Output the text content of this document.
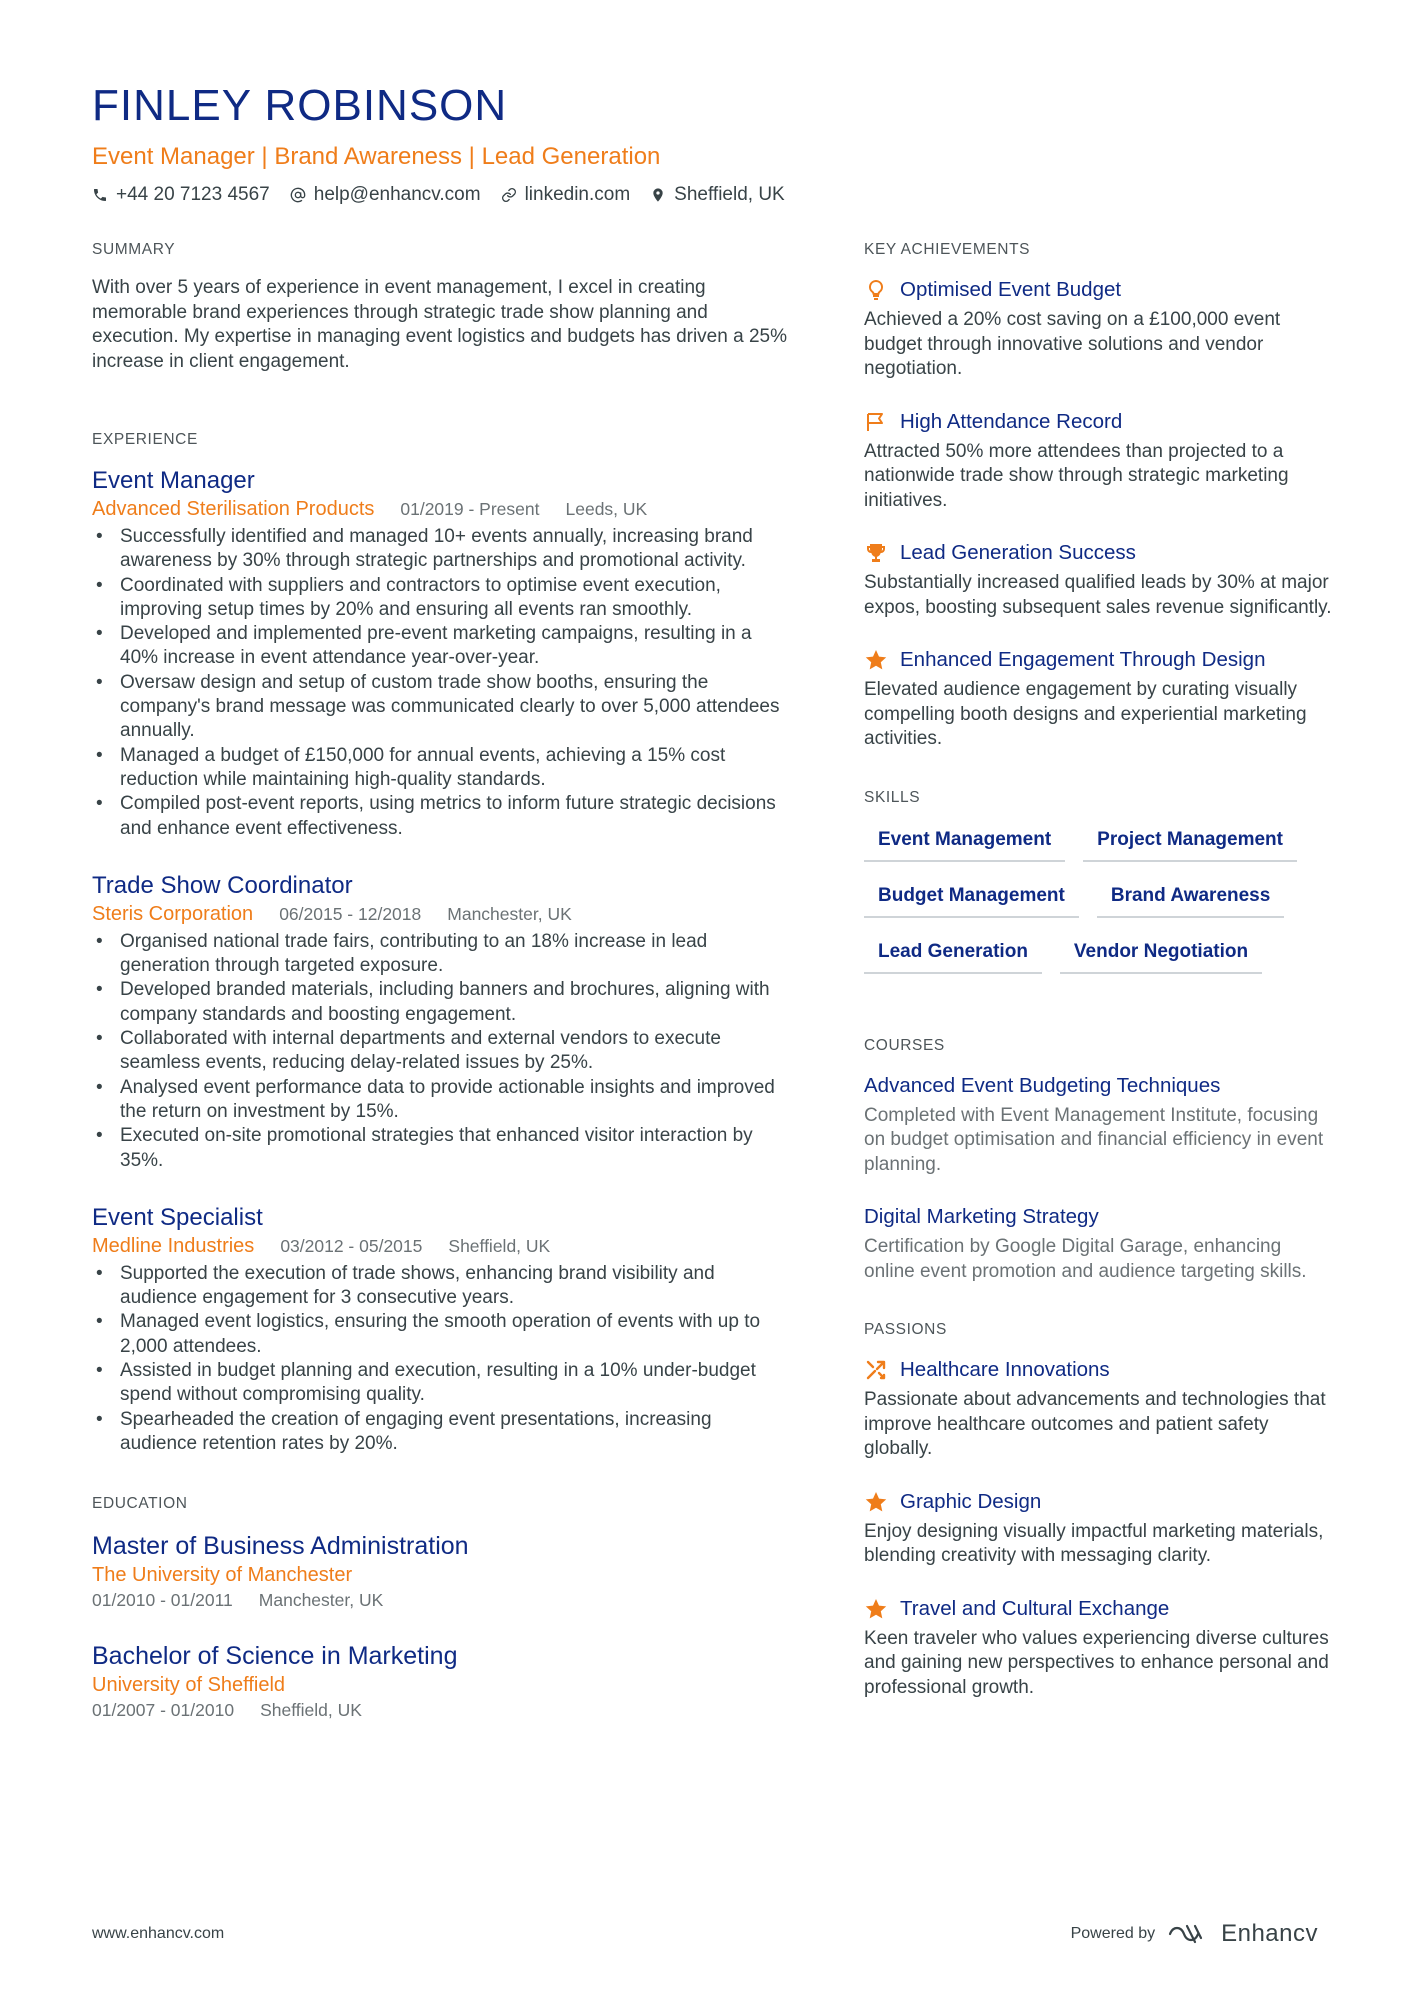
FINLEY ROBINSON
Event Manager | Brand Awareness | Lead Generation
+44 20 7123 4567 help@enhancv.com linkedin.com Sheffield, UK
SUMMARY

With over 5 years of experience in event management, I excel in creating memorable brand experiences through strategic trade show planning and execution. My expertise in managing event logistics and budgets has driven a 25% increase in client engagement.

EXPERIENCE
Event Manager
Advanced Sterilisation Products 01/2019 - Present Leeds, UK
• Successfully identified and managed 10+ events annually, increasing brand awareness by 30% through strategic partnerships and promotional activity.
• Coordinated with suppliers and contractors to optimise event execution, improving setup times by 20% and ensuring all events ran smoothly.
• Developed and implemented pre-event marketing campaigns, resulting in a 40% increase in event attendance year-over-year.
• Oversaw design and setup of custom trade show booths, ensuring the company's brand message was communicated clearly to over 5,000 attendees annually.
• Managed a budget of £150,000 for annual events, achieving a 15% cost reduction while maintaining high-quality standards.
• Compiled post-event reports, using metrics to inform future strategic decisions and enhance event effectiveness.
Trade Show Coordinator
Steris Corporation 06/2015 - 12/2018 Manchester, UK
• Organised national trade fairs, contributing to an 18% increase in lead generation through targeted exposure.
• Developed branded materials, including banners and brochures, aligning with company standards and boosting engagement.
• Collaborated with internal departments and external vendors to execute seamless events, reducing delay-related issues by 25%.
• Analysed event performance data to provide actionable insights and improved the return on investment by 15%.
• Executed on-site promotional strategies that enhanced visitor interaction by 35%.
Event Specialist
Medline Industries 03/2012 - 05/2015 Sheffield, UK
• Supported the execution of trade shows, enhancing brand visibility and audience engagement for 3 consecutive years.
• Managed event logistics, ensuring the smooth operation of events with up to 2,000 attendees.
• Assisted in budget planning and execution, resulting in a 10% under-budget spend without compromising quality.
• Spearheaded the creation of engaging event presentations, increasing audience retention rates by 20%.
EDUCATION
Master of Business Administration
The University of Manchester
01/2010 - 01/2011 Manchester, UK
Bachelor of Science in Marketing
University of Sheffield
01/2007 - 01/2010 Sheffield, UK
KEY ACHIEVEMENTS
Optimised Event Budget
Achieved a 20% cost saving on a £100,000 event budget through innovative solutions and vendor negotiation.
High Attendance Record
Attracted 50% more attendees than projected to a nationwide trade show through strategic marketing initiatives.
Lead Generation Success
Substantially increased qualified leads by 30% at major expos, boosting subsequent sales revenue significantly.
Enhanced Engagement Through Design
Elevated audience engagement by curating visually compelling booth designs and experiential marketing activities.
SKILLS
Event Management	Project Management
Budget Management	Brand Awareness
Lead Generation	Vendor Negotiation
COURSES
Advanced Event Budgeting Techniques
Completed with Event Management Institute, focusing on budget optimisation and financial efficiency in event planning.
Digital Marketing Strategy
Certification by Google Digital Garage, enhancing online event promotion and audience targeting skills.
PASSIONS
Healthcare Innovations
Passionate about advancements and technologies that improve healthcare outcomes and patient safety globally.
Graphic Design
Enjoy designing visually impactful marketing materials, blending creativity with messaging clarity.
Travel and Cultural Exchange
Keen traveler who values experiencing diverse cultures and gaining new perspectives to enhance personal and professional growth.
www.enhancv.com	Powered by	Enhancv
